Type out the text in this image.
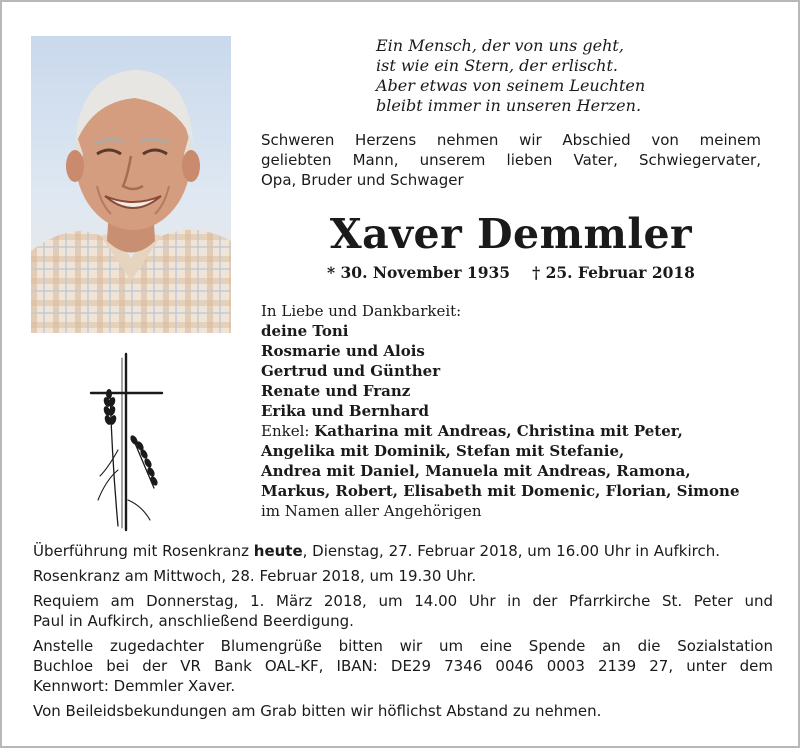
Ein Mensch, der von uns geht,
ist wie ein Stern, der erlischt.
Aber etwas von seinem Leuchten
bleibt immer in unseren Herzen.
Schweren Herzens nehmen wir Abschied von meinem
geliebten Mann, unserem lieben Vater, Schwiegervater,
Opa, Bruder und Schwager
Xaver Demmler
* 30. November 1935 † 25. Februar 2018
In Liebe und Dankbarkeit:
deine Toni
Rosmarie und Alois
Gertrud und Günther
Renate und Franz
Erika und Bernhard
Enkel: Katharina mit Andreas, Christina mit Peter,
Angelika mit Dominik, Stefan mit Stefanie,
Andrea mit Daniel, Manuela mit Andreas, Ramona,
Markus, Robert, Elisabeth mit Domenic, Florian, Simone
im Namen aller Angehörigen

Überführung mit Rosenkranz heute, Dienstag, 27. Februar 2018, um 16.00 Uhr in Aufkirch.

Rosenkranz am Mittwoch, 28. Februar 2018, um 19.30 Uhr.

Requiem am Donnerstag, 1. März 2018, um 14.00 Uhr in der Pfarrkirche St. Peter und
Paul in Aufkirch, anschließend Beerdigung.

Anstelle zugedachter Blumengrüße bitten wir um eine Spende an die Sozialstation
Buchloe bei der VR Bank OAL-KF, IBAN: DE29 7346 0046 0003 2139 27, unter dem
Kennwort: Demmler Xaver.

Von Beileidsbekundungen am Grab bitten wir höflichst Abstand zu nehmen.
